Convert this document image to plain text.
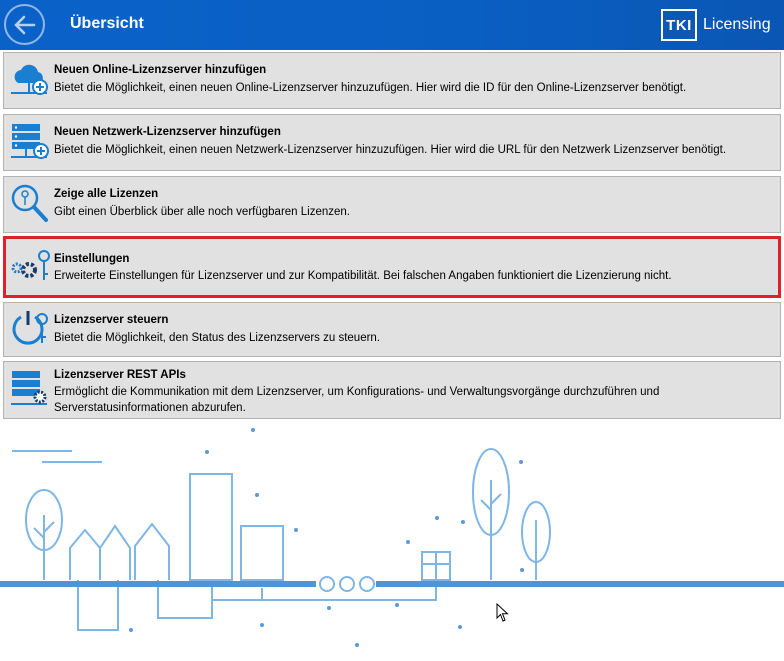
Übersicht	TKI Licensing
Neuen Online-Lizenzserver hinzufügen
Bietet die Möglichkeit, einen neuen Online-Lizenzserver hinzuzufügen. Hier wird die ID für den Online-Lizenzserver benötigt.
Neuen Netzwerk-Lizenzserver hinzufügen
Bietet die Möglichkeit, einen neuen Netzwerk-Lizenzserver hinzuzufügen. Hier wird die URL für den Netzwerk Lizenzserver benötigt.
Zeige alle Lizenzen
Gibt einen Überblick über alle noch verfügbaren Lizenzen.
Einstellungen
Erweiterte Einstellungen für Lizenzserver und zur Kompatibilität. Bei falschen Angaben funktioniert die Lizenzierung nicht.
Lizenzserver steuern
Bietet die Möglichkeit, den Status des Lizenzservers zu steuern.
Lizenzserver REST APIs
Ermöglicht die Kommunikation mit dem Lizenzserver, um Konfigurations- und Verwaltungsvorgänge durchzuführen und Serverstatusinformationen abzurufen.
